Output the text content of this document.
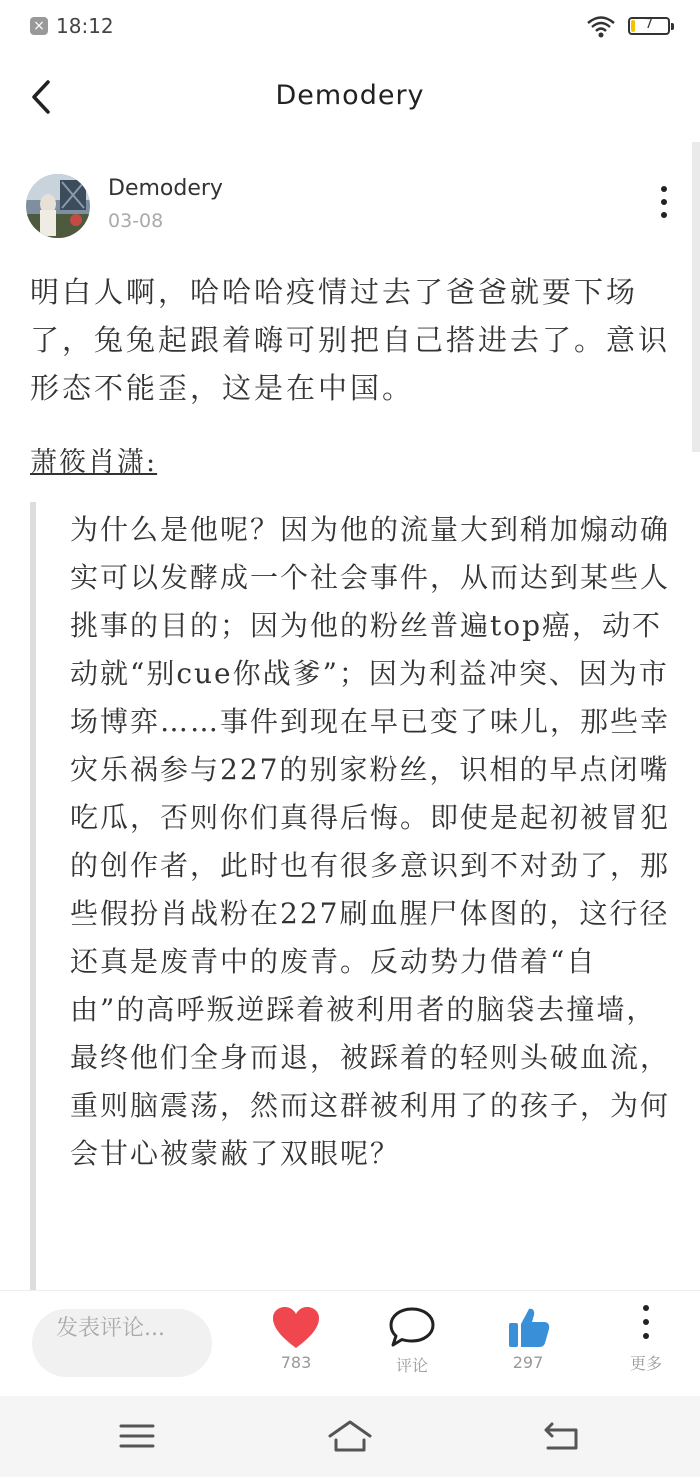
× 18:12	7
Demodery
Demodery
03-08
明白人啊，哈哈哈疫情过去了爸爸就要下场了，兔兔起跟着嗨可别把自己搭进去了。意识形态不能歪，这是在中国。
萧筱肖潇:
为什么是他呢？因为他的流量大到稍加煽动确实可以发酵成一个社会事件，从而达到某些人挑事的目的；因为他的粉丝普遍top癌，动不动就“别cue你战爹”；因为利益冲突、因为市场博弈……事件到现在早已变了味儿，那些幸灾乐祸参与227的别家粉丝，识相的早点闭嘴吃瓜，否则你们真得后悔。即使是起初被冒犯的创作者，此时也有很多意识到不对劲了，那些假扮肖战粉在227刷血腥尸体图的，这行径还真是废青中的废青。反动势力借着“自由”的高呼叛逆踩着被利用者的脑袋去撞墙，最终他们全身而退，被踩着的轻则头破血流，重则脑震荡，然而这群被利用了的孩子，为何会甘心被蒙蔽了双眼呢？
发表评论...
783	评论	297	更多
